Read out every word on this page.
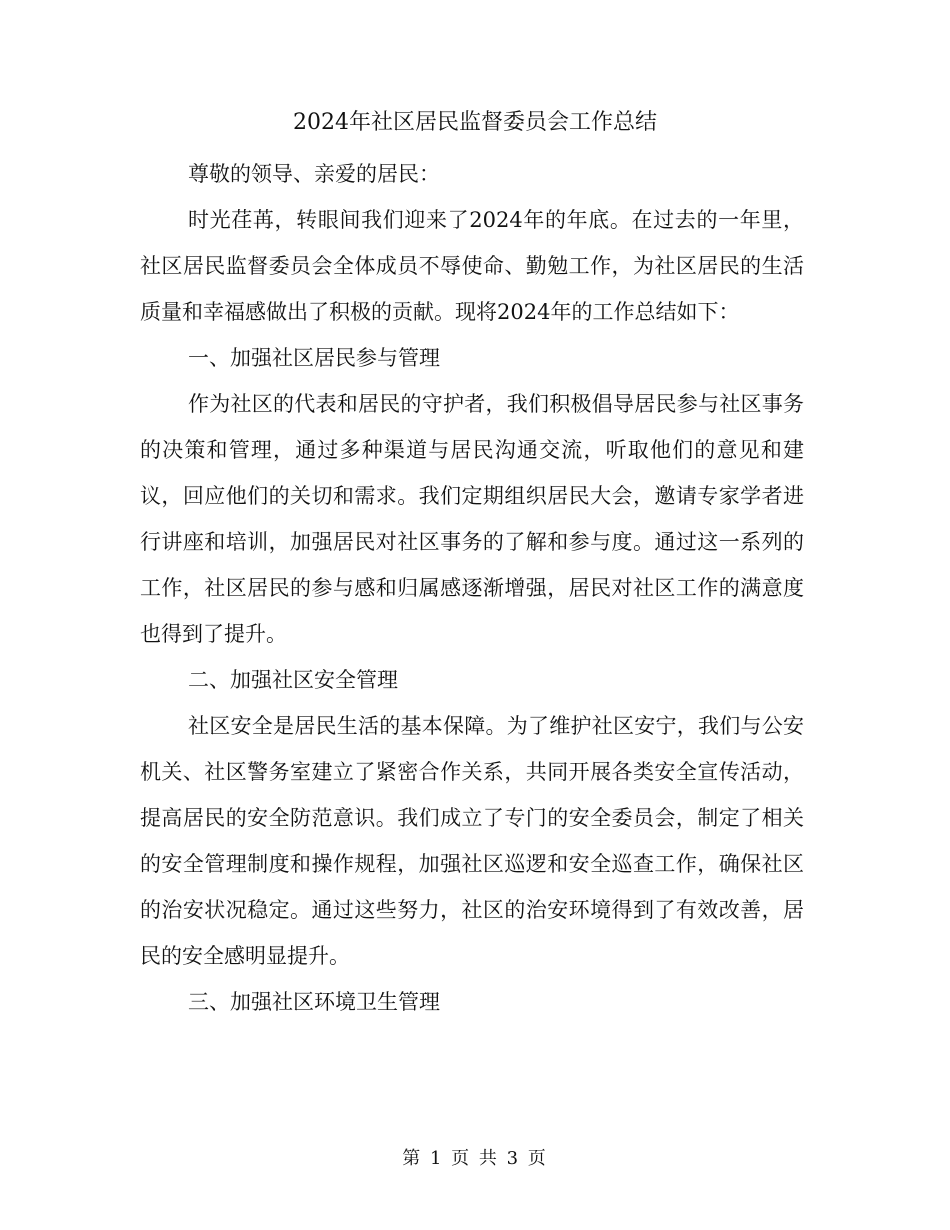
2024年社区居民监督委员会工作总结

尊敬的领导、亲爱的居民：

时光荏苒，转眼间我们迎来了2024年的年底。在过去的一年里，社区居民监督委员会全体成员不辱使命、勤勉工作，为社区居民的生活质量和幸福感做出了积极的贡献。现将2024年的工作总结如下：

一、加强社区居民参与管理

作为社区的代表和居民的守护者，我们积极倡导居民参与社区事务的决策和管理，通过多种渠道与居民沟通交流，听取他们的意见和建议，回应他们的关切和需求。我们定期组织居民大会，邀请专家学者进行讲座和培训，加强居民对社区事务的了解和参与度。通过这一系列的工作，社区居民的参与感和归属感逐渐增强，居民对社区工作的满意度也得到了提升。

二、加强社区安全管理

社区安全是居民生活的基本保障。为了维护社区安宁，我们与公安机关、社区警务室建立了紧密合作关系，共同开展各类安全宣传活动，提高居民的安全防范意识。我们成立了专门的安全委员会，制定了相关的安全管理制度和操作规程，加强社区巡逻和安全巡查工作，确保社区的治安状况稳定。通过这些努力，社区的治安环境得到了有效改善，居民的安全感明显提升。

三、加强社区环境卫生管理

第 1 页 共 3 页
